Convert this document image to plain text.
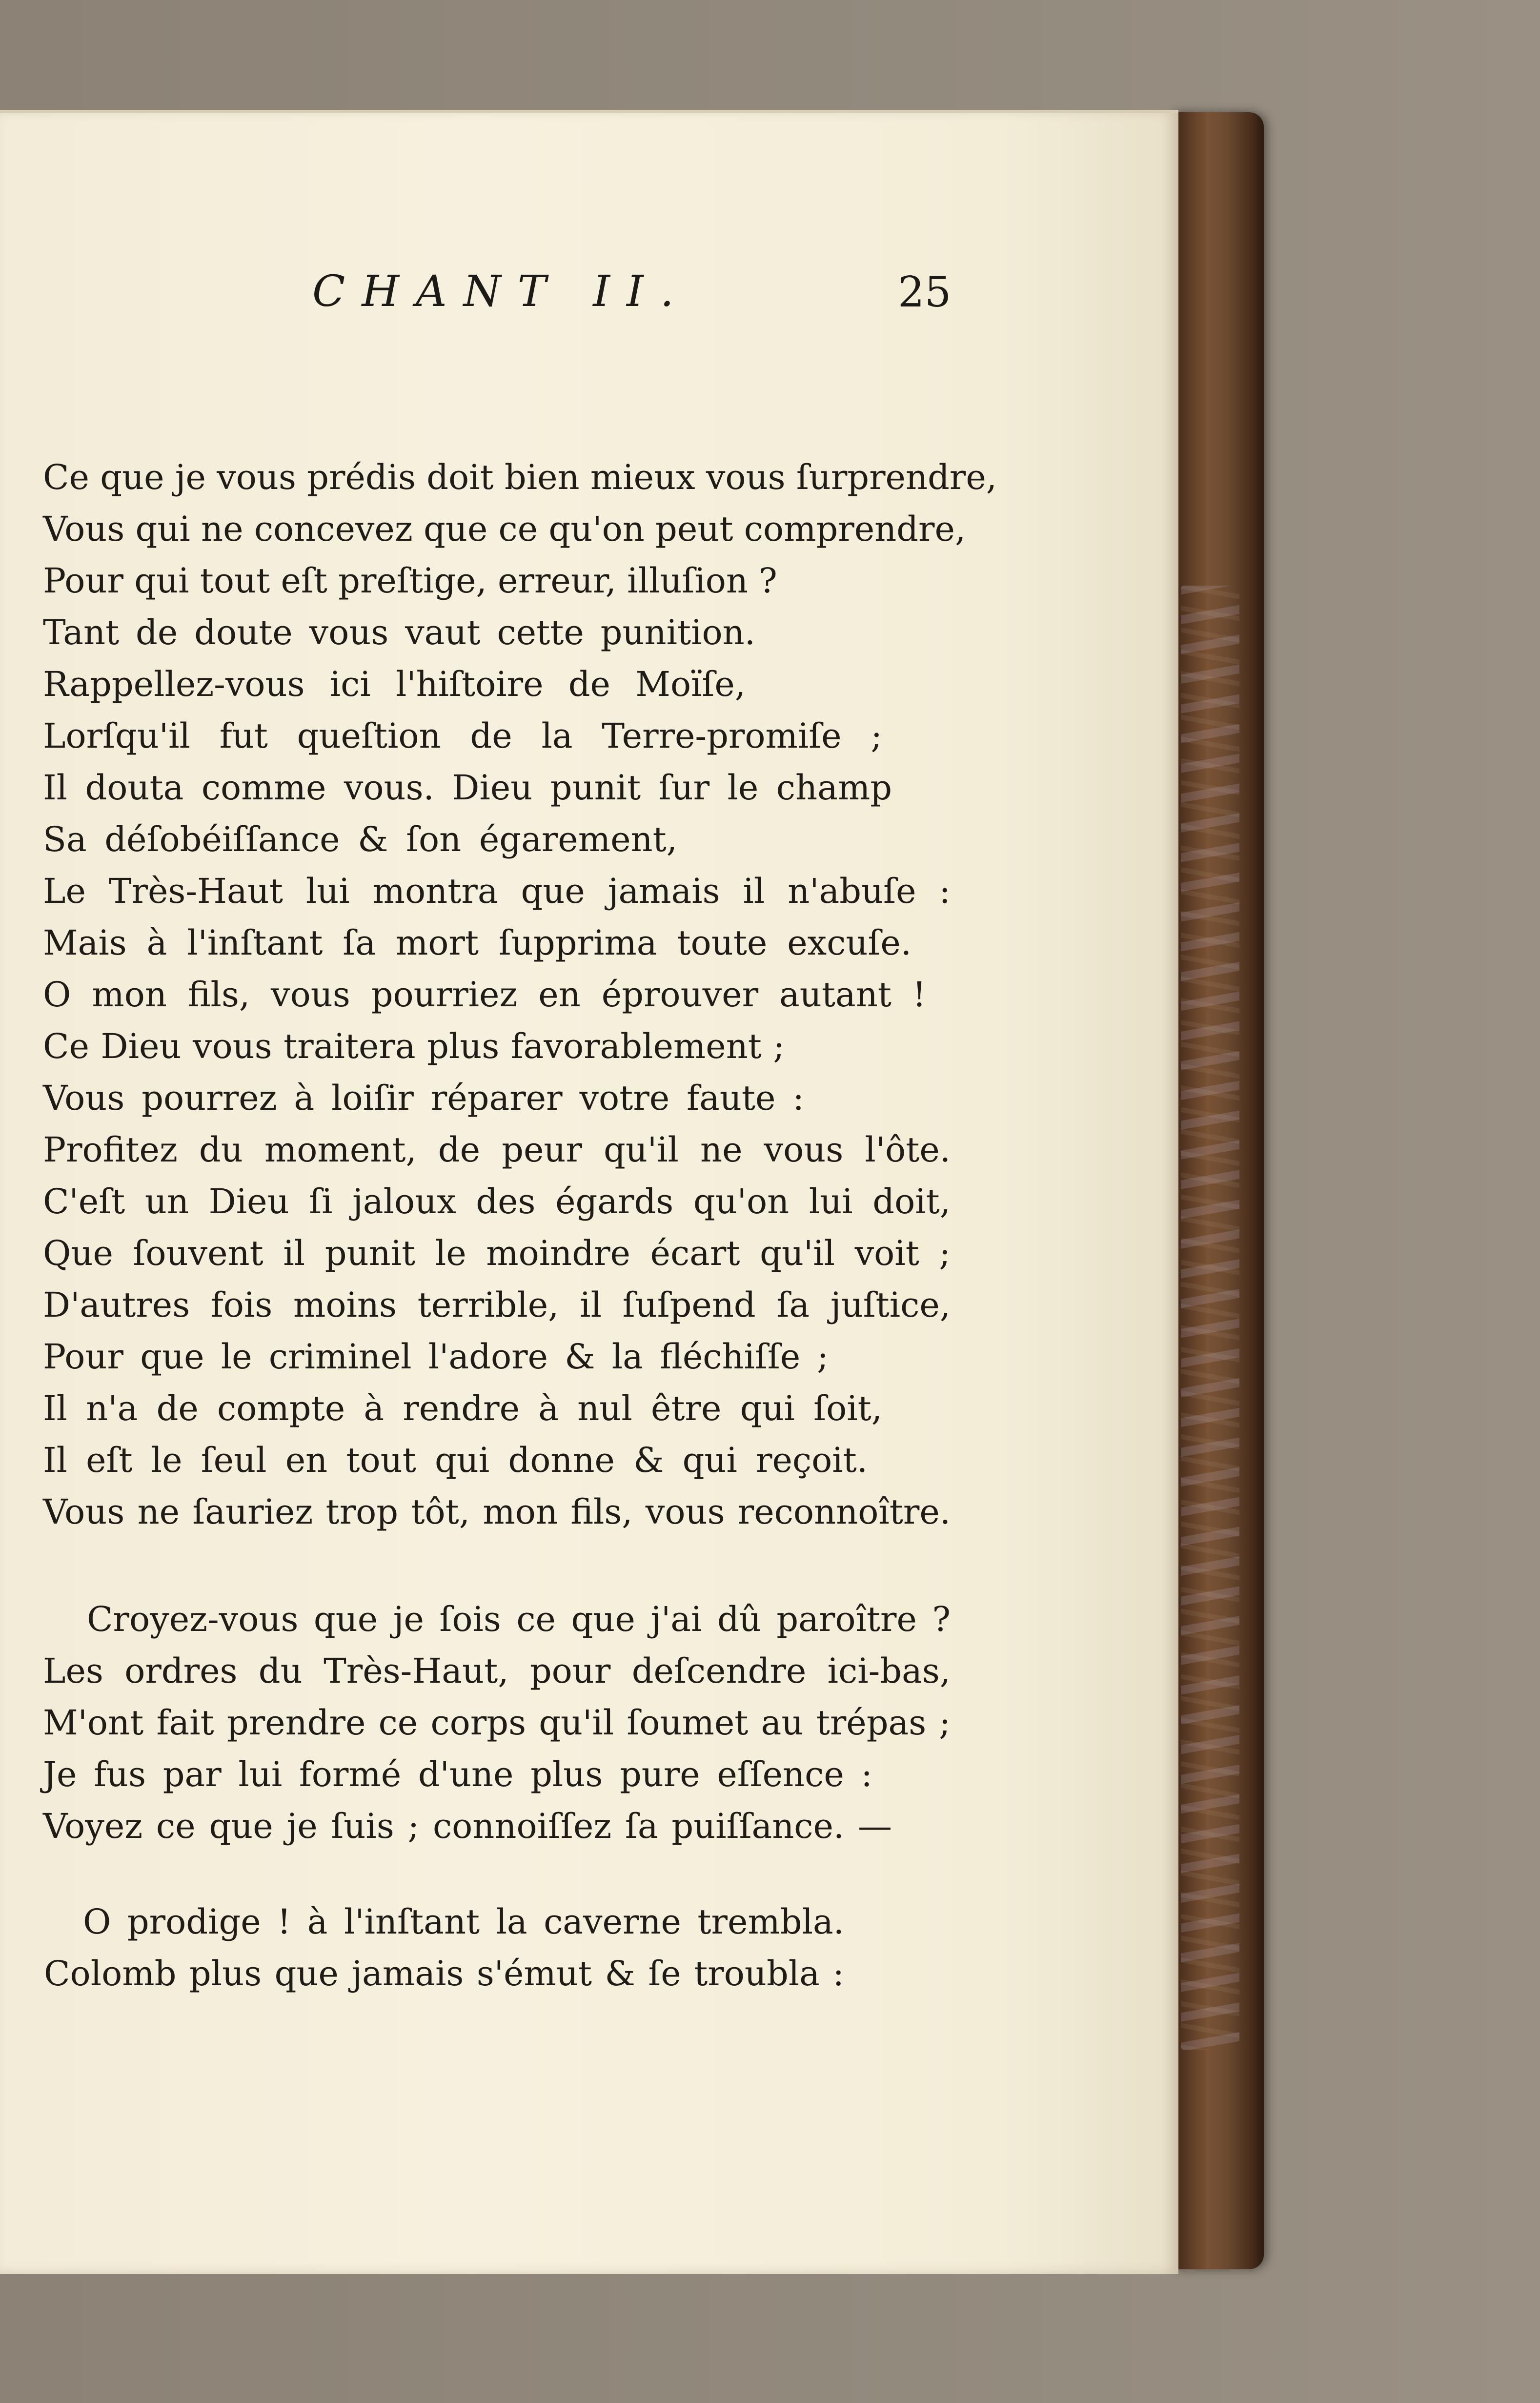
CHANT II.	25
Ce que je vous prédis doit bien mieux vous ſurprendre,
Vous qui ne concevez que ce qu'on peut comprendre,
Pour qui tout eſt preſtige, erreur, illuſion ?
Tant de doute vous vaut cette punition.
Rappellez-vous ici l'hiſtoire de Moïſe,
Lorſqu'il fut queſtion de la Terre-promiſe ;
Il douta comme vous. Dieu punit ſur le champ
Sa déſobéiſſance & ſon égarement,
Le Très-Haut lui montra que jamais il n'abuſe :
Mais à l'inſtant ſa mort ſupprima toute excuſe.
O mon fils, vous pourriez en éprouver autant !
Ce Dieu vous traitera plus favorablement ;
Vous pourrez à loiſir réparer votre faute :
Profitez du moment, de peur qu'il ne vous l'ôte.
C'eſt un Dieu ſi jaloux des égards qu'on lui doit,
Que ſouvent il punit le moindre écart qu'il voit ;
D'autres fois moins terrible, il ſuſpend ſa juſtice,
Pour que le criminel l'adore & la fléchiſſe ;
Il n'a de compte à rendre à nul être qui ſoit,
Il eſt le ſeul en tout qui donne & qui reçoit.
Vous ne ſauriez trop tôt, mon fils, vous reconnoître.
Croyez-vous que je ſois ce que j'ai dû paroître ?
Les ordres du Très-Haut, pour deſcendre ici-bas,
M'ont fait prendre ce corps qu'il ſoumet au trépas ;
Je fus par lui formé d'une plus pure eſſence :
Voyez ce que je ſuis ; connoiſſez ſa puiſſance. —
O prodige ! à l'inſtant la caverne trembla.
Colomb plus que jamais s'émut & ſe troubla :
